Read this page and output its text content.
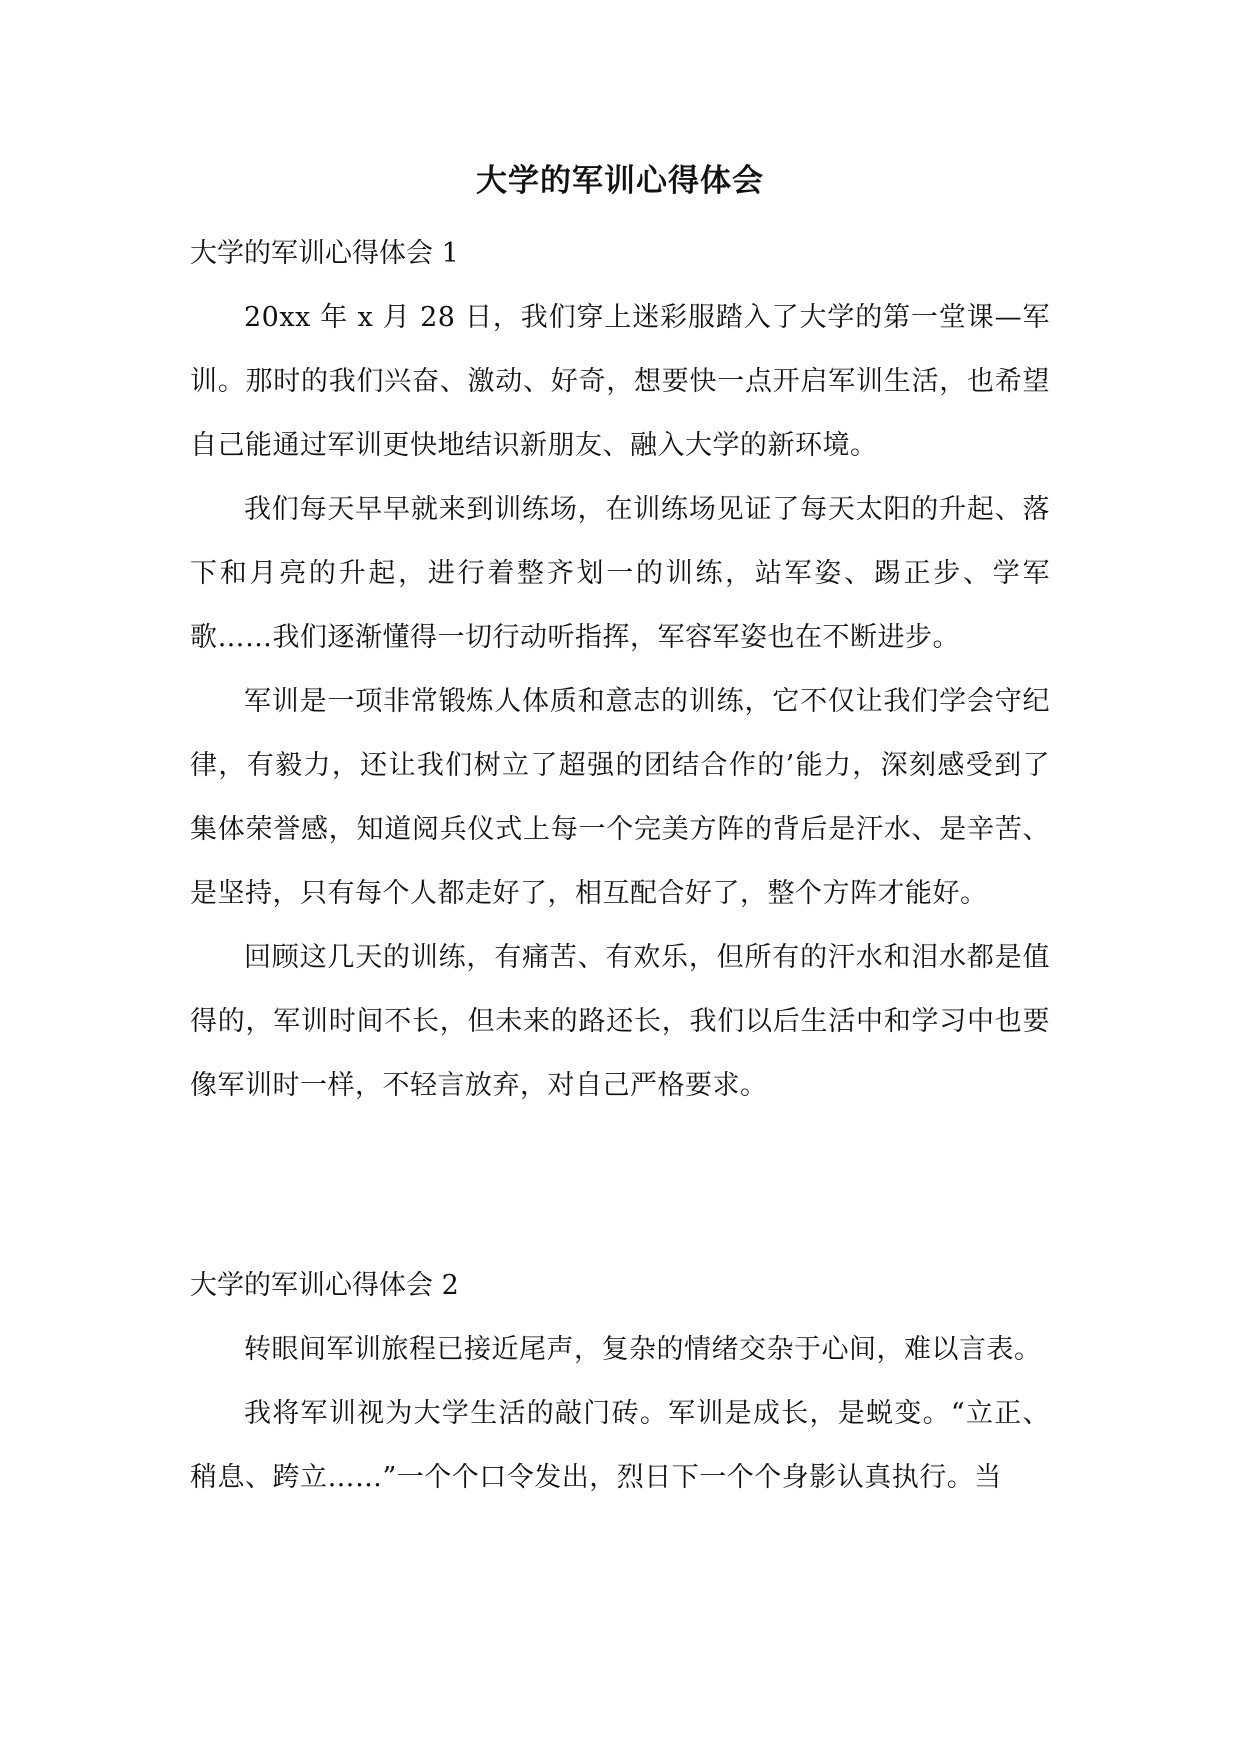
大学的军训心得体会

大学的军训心得体会 1

20xx 年 x 月 28 日，我们穿上迷彩服踏入了大学的第一堂课—军训。那时的我们兴奋、激动、好奇，想要快一点开启军训生活，也希望自己能通过军训更快地结识新朋友、融入大学的新环境。

我们每天早早就来到训练场，在训练场见证了每天太阳的升起、落下和月亮的升起，进行着整齐划一的训练，站军姿、踢正步、学军歌……我们逐渐懂得一切行动听指挥，军容军姿也在不断进步。

军训是一项非常锻炼人体质和意志的训练，它不仅让我们学会守纪律，有毅力，还让我们树立了超强的团结合作的’能力，深刻感受到了集体荣誉感，知道阅兵仪式上每一个完美方阵的背后是汗水、是辛苦、是坚持，只有每个人都走好了，相互配合好了，整个方阵才能好。

回顾这几天的训练，有痛苦、有欢乐，但所有的汗水和泪水都是值得的，军训时间不长，但未来的路还长，我们以后生活中和学习中也要像军训时一样，不轻言放弃，对自己严格要求。

大学的军训心得体会 2

转眼间军训旅程已接近尾声，复杂的情绪交杂于心间，难以言表。

我将军训视为大学生活的敲门砖。军训是成长，是蜕变。“立正、稍息、跨立……”一个个口令发出，烈日下一个个身影认真执行。当
